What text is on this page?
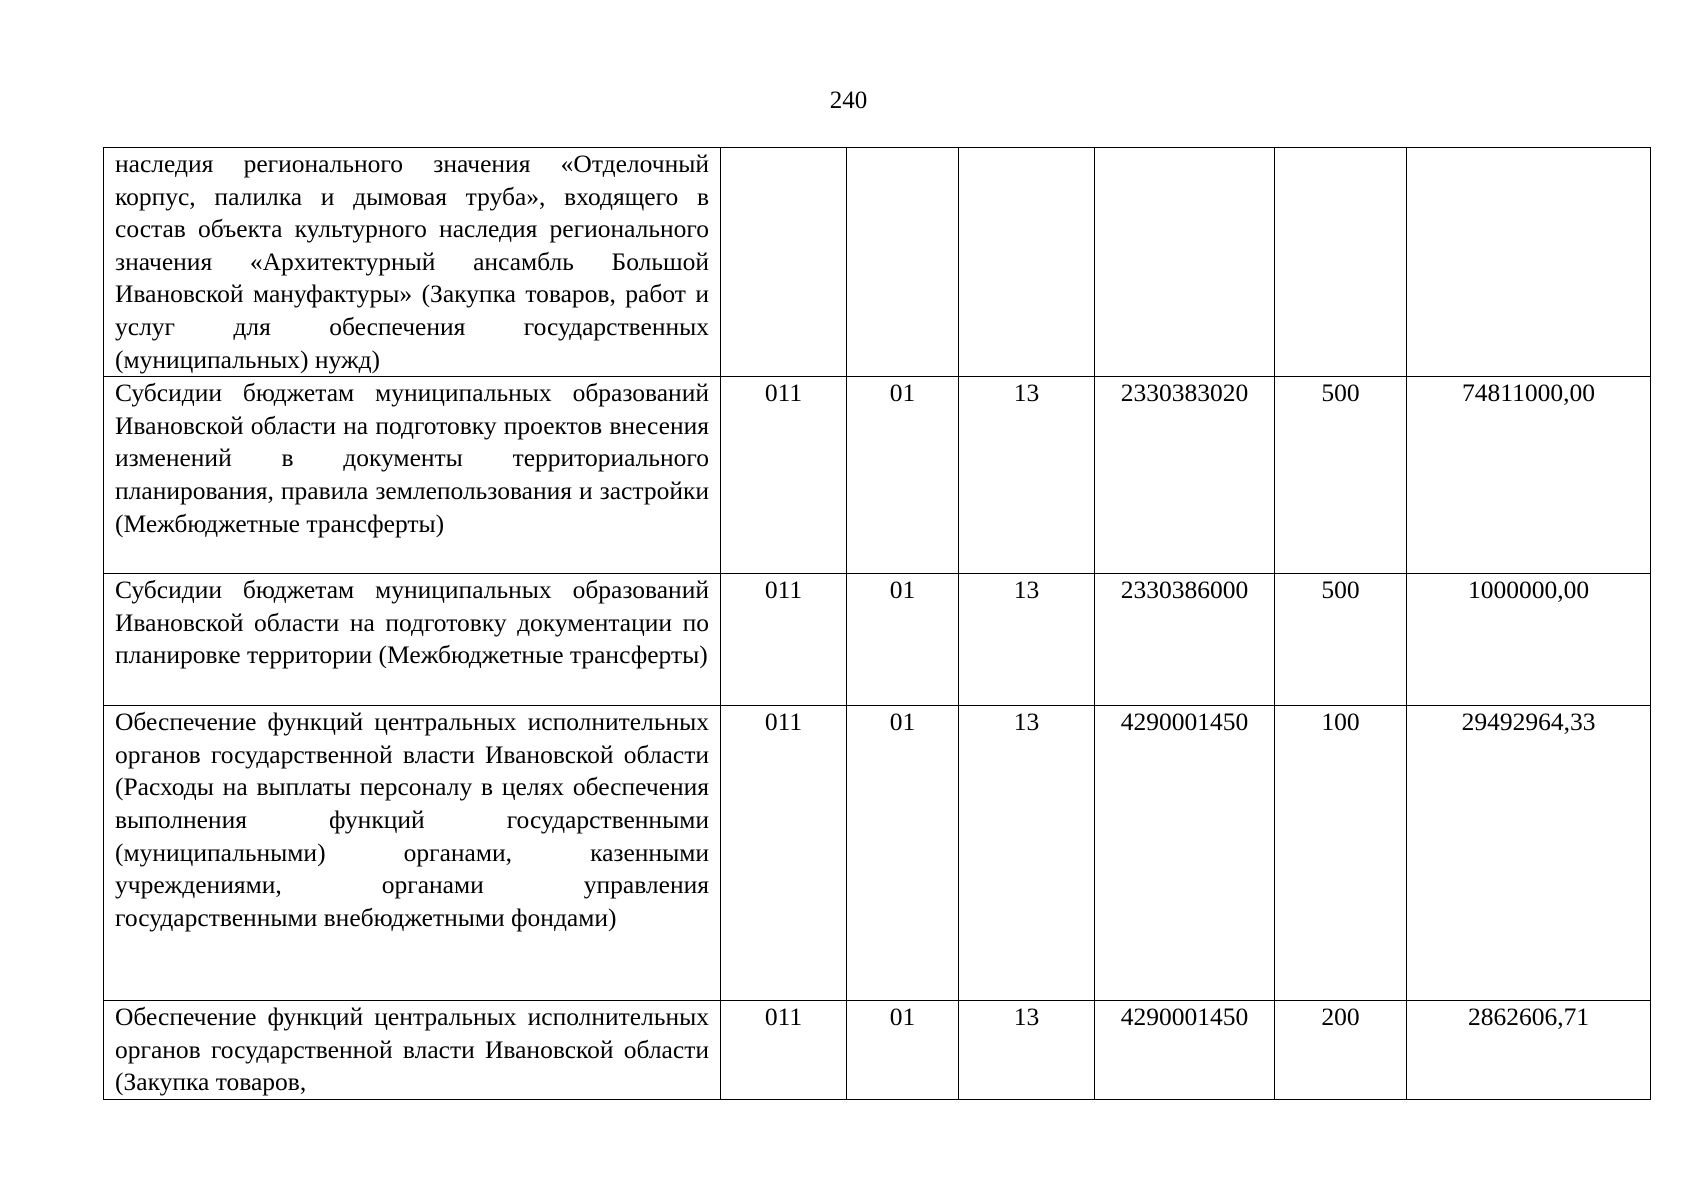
240
наследия регионального значения «Отделочный корпус, палилка и дымовая труба», входящего в состав объекта культурного наследия регионального значения «Архитектурный ансамбль Большой Ивановской мануфактуры» (Закупка товаров, работ и услуг для обеспечения государственных (муниципальных) нужд)						
Субсидии бюджетам муниципальных образований Ивановской области на подготовку проектов внесения изменений в документы территориального планирования, правила землепользования и застройки (Межбюджетные трансферты)	011	01	13	2330383020	500	74811000,00
Субсидии бюджетам муниципальных образований Ивановской области на подготовку документации по планировке территории (Межбюджетные трансферты)	011	01	13	2330386000	500	1000000,00
Обеспечение функций центральных исполнительных органов государственной власти Ивановской области (Расходы на выплаты персоналу в целях обеспечения выполнения функций государственными (муниципальными) органами, казенными учреждениями, органами управления государственными внебюджетными фондами)	011	01	13	4290001450	100	29492964,33
Обеспечение функций центральных исполнительных органов государственной власти Ивановской области (Закупка товаров,	011	01	13	4290001450	200	2862606,71
